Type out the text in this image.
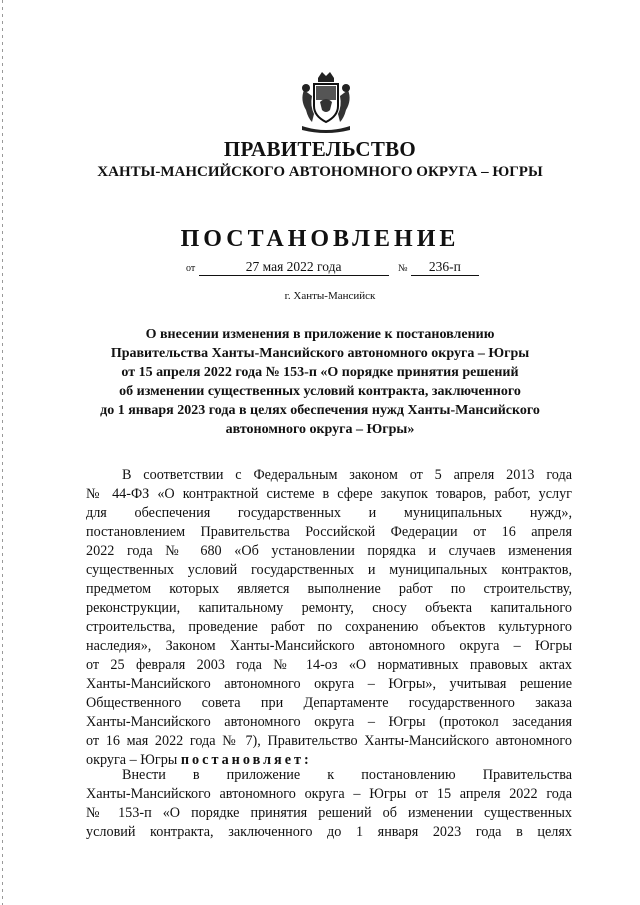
ПРАВИТЕЛЬСТВО
ХАНТЫ-МАНСИЙСКОГО АВТОНОМНОГО ОКРУГА – ЮГРЫ
ПОСТАНОВЛЕНИЕ
от	27 мая 2022 года	№ 236-п
г. Ханты-Мансийск
О внесении изменения в приложение к постановлению
Правительства Ханты-Мансийского автономного округа – Югры
от 15 апреля 2022 года № 153-п «О порядке принятия решений
об изменении существенных условий контракта, заключенного
до 1 января 2023 года в целях обеспечения нужд Ханты-Мансийского
автономного округа – Югры»
В соответствии с Федеральным законом от 5 апреля 2013 года
№ 44-ФЗ «О контрактной системе в сфере закупок товаров, работ, услуг
для обеспечения государственных и муниципальных нужд»,
постановлением Правительства Российской Федерации от 16 апреля
2022 года № 680 «Об установлении порядка и случаев изменения
существенных условий государственных и муниципальных контрактов,
предметом которых является выполнение работ по строительству,
реконструкции, капитальному ремонту, сносу объекта капитального
строительства, проведение работ по сохранению объектов культурного
наследия», Законом Ханты-Мансийского автономного округа – Югры
от 25 февраля 2003 года № 14-оз «О нормативных правовых актах
Ханты-Мансийского автономного округа – Югры», учитывая решение
Общественного совета при Департаменте государственного заказа
Ханты-Мансийского автономного округа – Югры (протокол заседания
от 16 мая 2022 года № 7), Правительство Ханты-Мансийского автономного
округа – Югры постановляет:
Внести в приложение к постановлению Правительства
Ханты-Мансийского автономного округа – Югры от 15 апреля 2022 года
№ 153-п «О порядке принятия решений об изменении существенных
условий контракта, заключенного до 1 января 2023 года в целях
